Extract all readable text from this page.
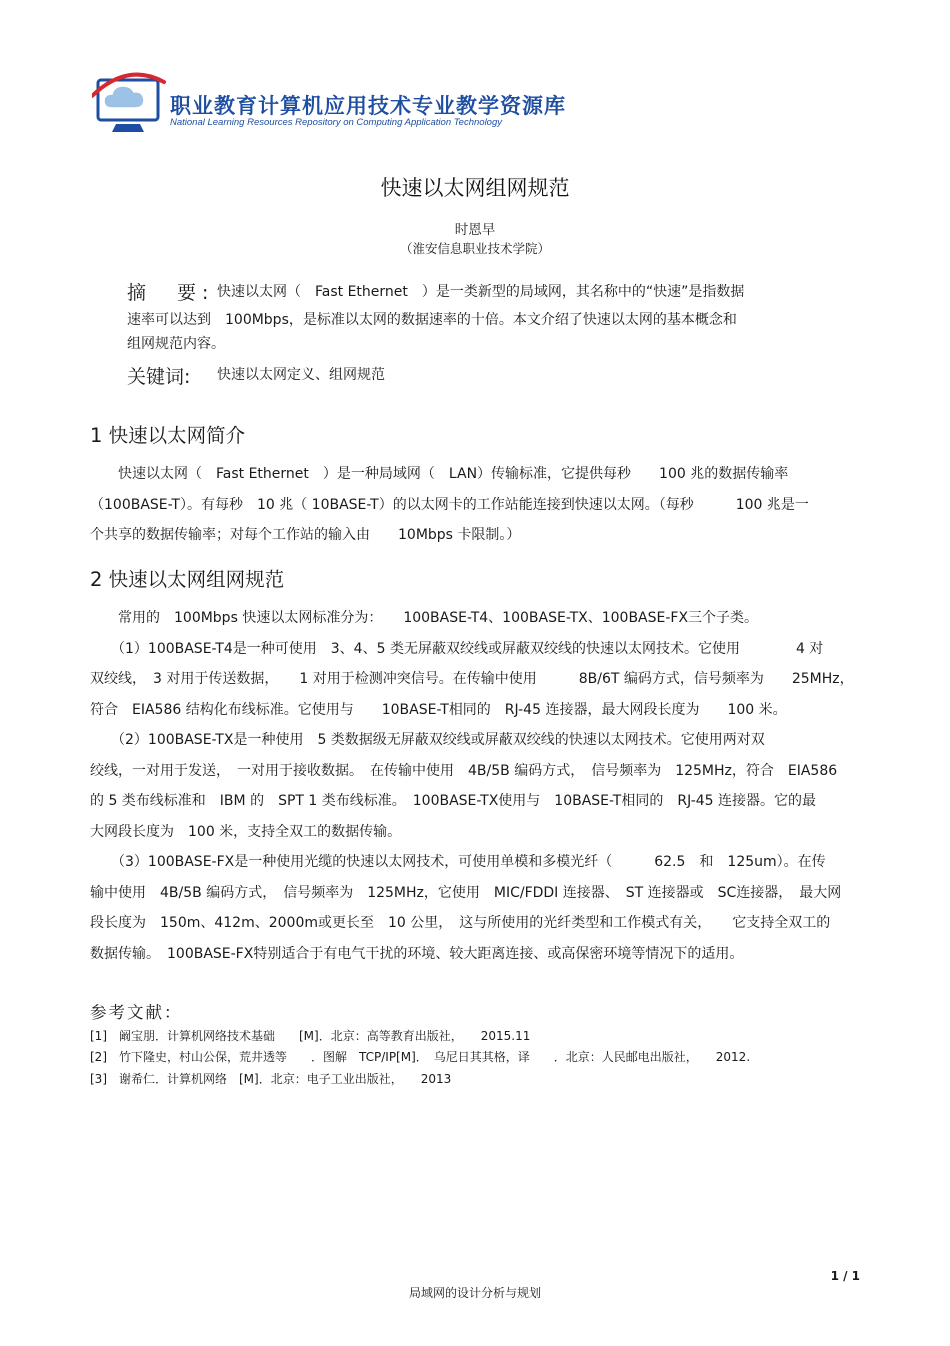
职业教育计算机应用技术专业教学资源库
National Learning Resources Repository on Computing Application Technology
快速以太网组网规范
时恩早
（淮安信息职业技术学院）
摘　要: 快速以太网（　Fast Ethernet　）是一类新型的局域网，其名称中的“快速”是指数据
速率可以达到　100Mbps，是标准以太网的数据速率的十倍。本文介绍了快速以太网的基本概念和
组网规范内容。
关键词: 快速以太网定义、组网规范
1 快速以太网简介
　　快速以太网（　Fast Ethernet　）是一种局域网（　LAN）传输标准，它提供每秒　　100 兆的数据传输率
（100BASE-T）。有每秒　10 兆（ 10BASE-T）的以太网卡的工作站能连接到快速以太网。（每秒　　　100 兆是一
个共享的数据传输率；对每个工作站的输入由　　10Mbps 卡限制。）
2 快速以太网组网规范
　　常用的　100Mbps 快速以太网标准分为：　　100BASE-T4、100BASE-TX、100BASE-FX三个子类。
　　（1）100BASE-T4是一种可使用　3、4、5 类无屏蔽双绞线或屏蔽双绞线的快速以太网技术。它使用　　　　4 对
双绞线，　3 对用于传送数据，　　1 对用于检测冲突信号。在传输中使用　　　8B/6T 编码方式，信号频率为　　25MHz，
符合　EIA586 结构化布线标准。它使用与　　10BASE-T相同的　RJ-45 连接器，最大网段长度为　　100 米。
　　（2）100BASE-TX是一种使用　5 类数据级无屏蔽双绞线或屏蔽双绞线的快速以太网技术。它使用两对双
绞线，一对用于发送，　一对用于接收数据。　在传输中使用　4B/5B 编码方式，　信号频率为　125MHz，符合　EIA586
的 5 类布线标准和　IBM 的　SPT 1 类布线标准。　100BASE-TX使用与　10BASE-T相同的　RJ-45 连接器。它的最
大网段长度为　100 米，支持全双工的数据传输。
　　（3）100BASE-FX是一种使用光缆的快速以太网技术，可使用单模和多模光纤（　　　62.5　和　125um）。在传
输中使用　4B/5B 编码方式，　信号频率为　125MHz，它使用　MIC/FDDI 连接器、　ST 连接器或　SC连接器，　最大网
段长度为　150m、412m、2000m或更长至　10 公里，　这与所使用的光纤类型和工作模式有关，　　它支持全双工的
数据传输。　100BASE-FX特别适合于有电气干扰的环境、较大距离连接、或高保密环境等情况下的适用。
参考文献：
[1]　阚宝朋．计算机网络技术基础　　[M]．北京：高等教育出版社，　　2015.11
[2]　竹下隆史，村山公保，荒井透等　　．图解　TCP/IP[M]．　乌尼日其其格，译　　．北京：人民邮电出版社，　　2012.
[3]　谢希仁．计算机网络　[M]．北京：电子工业出版社，　　2013
1 / 1
局域网的设计分析与规划
